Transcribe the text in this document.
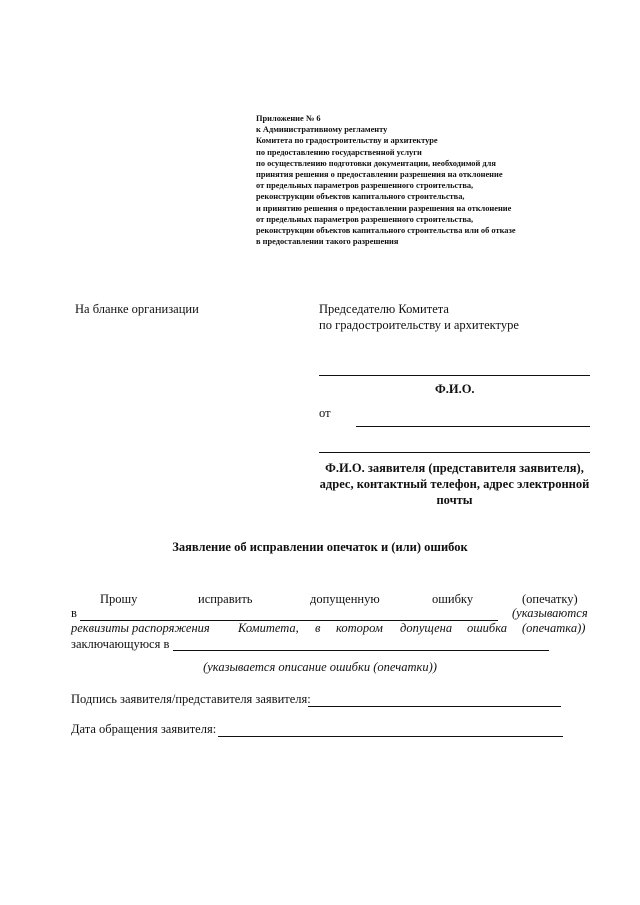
Приложение № 6
к Административному регламенту
Комитета по градостроительству и архитектуре
по предоставлению государственной услуги
по осуществлению подготовки документации, необходимой для
принятия решения о предоставлении разрешения на отклонение
от предельных параметров разрешенного строительства,
реконструкции объектов капитального строительства,
и принятию решения о предоставлении разрешения на отклонение
от предельных параметров разрешенного строительства,
реконструкции объектов капитального строительства или об отказе
в предоставлении такого разрешения
На бланке организации	Председателю Комитета
по градостроительству и архитектуре
Ф.И.О.
от
Ф.И.О. заявителя (представителя заявителя),
адрес, контактный телефон, адрес электронной
почты
Заявление об исправлении опечаток и (или) ошибок
Прошу	исправить	допущенную	ошибку	(опечатку)
в	(указываются
реквизиты распоряжения Комитета, в котором допущена ошибка (опечатка))
заключающуюся в
(указывается описание ошибки (опечатки))
Подпись заявителя/представителя заявителя:
Дата обращения заявителя:
